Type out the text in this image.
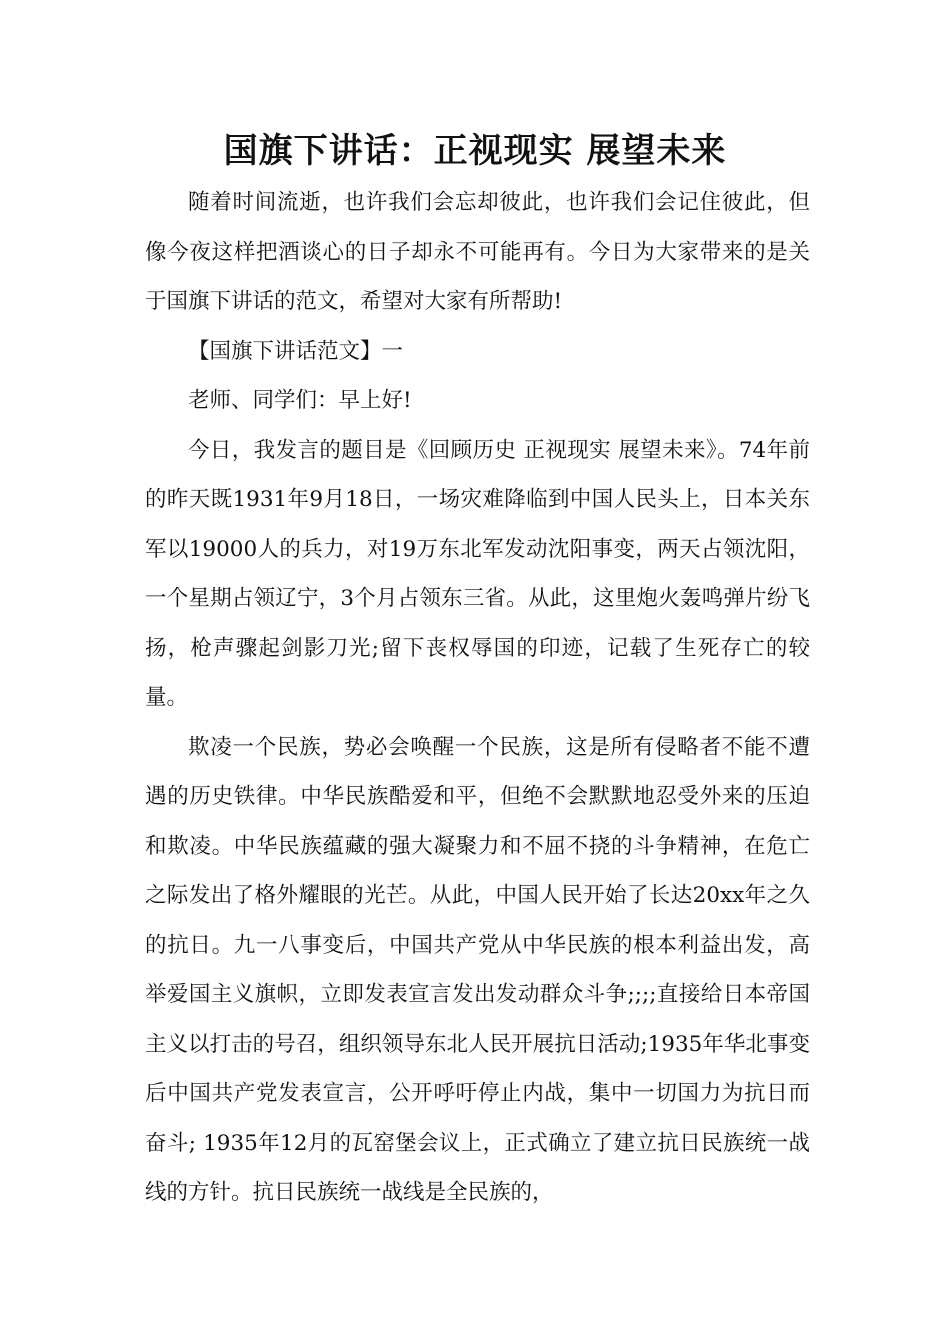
国旗下讲话：正视现实 展望未来

随着时间流逝，也许我们会忘却彼此，也许我们会记住彼此，但像今夜这样把酒谈心的日子却永不可能再有。今日为大家带来的是关于国旗下讲话的范文，希望对大家有所帮助!

【国旗下讲话范文】一

老师、同学们：早上好!

今日，我发言的题目是《回顾历史 正视现实 展望未来》。74年前的昨天既1931年9月18日，一场灾难降临到中国人民头上，日本关东军以19000人的兵力，对19万东北军发动沈阳事变，两天占领沈阳，一个星期占领辽宁，3个月占领东三省。从此，这里炮火轰鸣弹片纷飞扬，枪声骤起剑影刀光;留下丧权辱国的印迹，记载了生死存亡的较量。

欺凌一个民族，势必会唤醒一个民族，这是所有侵略者不能不遭遇的历史铁律。中华民族酷爱和平，但绝不会默默地忍受外来的压迫和欺凌。中华民族蕴藏的强大凝聚力和不屈不挠的斗争精神，在危亡之际发出了格外耀眼的光芒。从此，中国人民开始了长达20xx年之久的抗日。九一八事变后，中国共产党从中华民族的根本利益出发，高举爱国主义旗帜，立即发表宣言发出发动群众斗争;;;;直接给日本帝国主义以打击的号召，组织领导东北人民开展抗日活动;1935年华北事变后中国共产党发表宣言，公开呼吁停止内战，集中一切国力为抗日而奋斗; 1935年12月的瓦窑堡会议上，正式确立了建立抗日民族统一战线的方针。抗日民族统一战线是全民族的，
